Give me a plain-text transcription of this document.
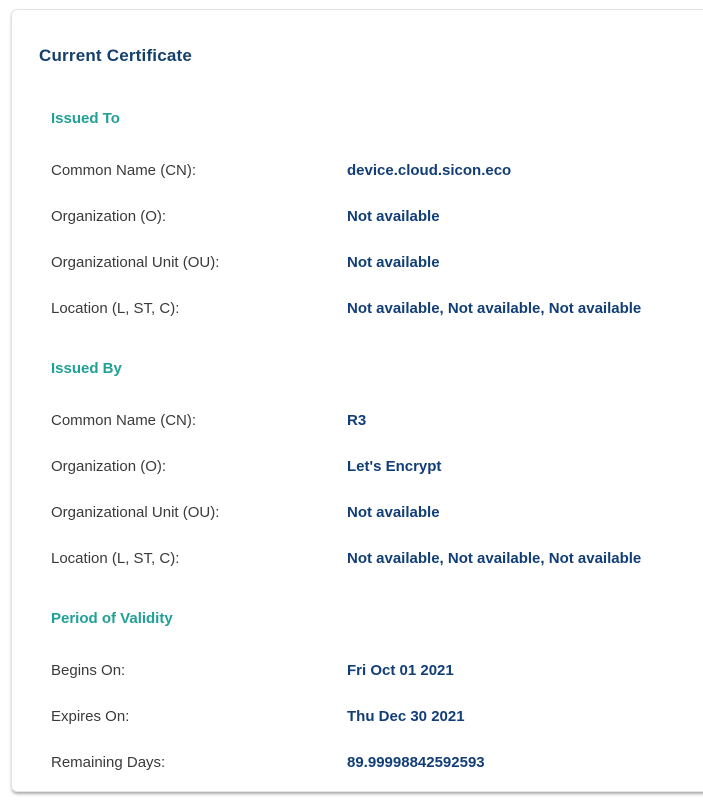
Current Certificate
Issued To
Common Name (CN):	device.cloud.sicon.eco
Organization (O):	Not available
Organizational Unit (OU):	Not available
Location (L, ST, C):	Not available, Not available, Not available
Issued By
Common Name (CN):	R3
Organization (O):	Let's Encrypt
Organizational Unit (OU):	Not available
Location (L, ST, C):	Not available, Not available, Not available
Period of Validity
Begins On:	Fri Oct 01 2021
Expires On:	Thu Dec 30 2021
Remaining Days:	89.99998842592593
